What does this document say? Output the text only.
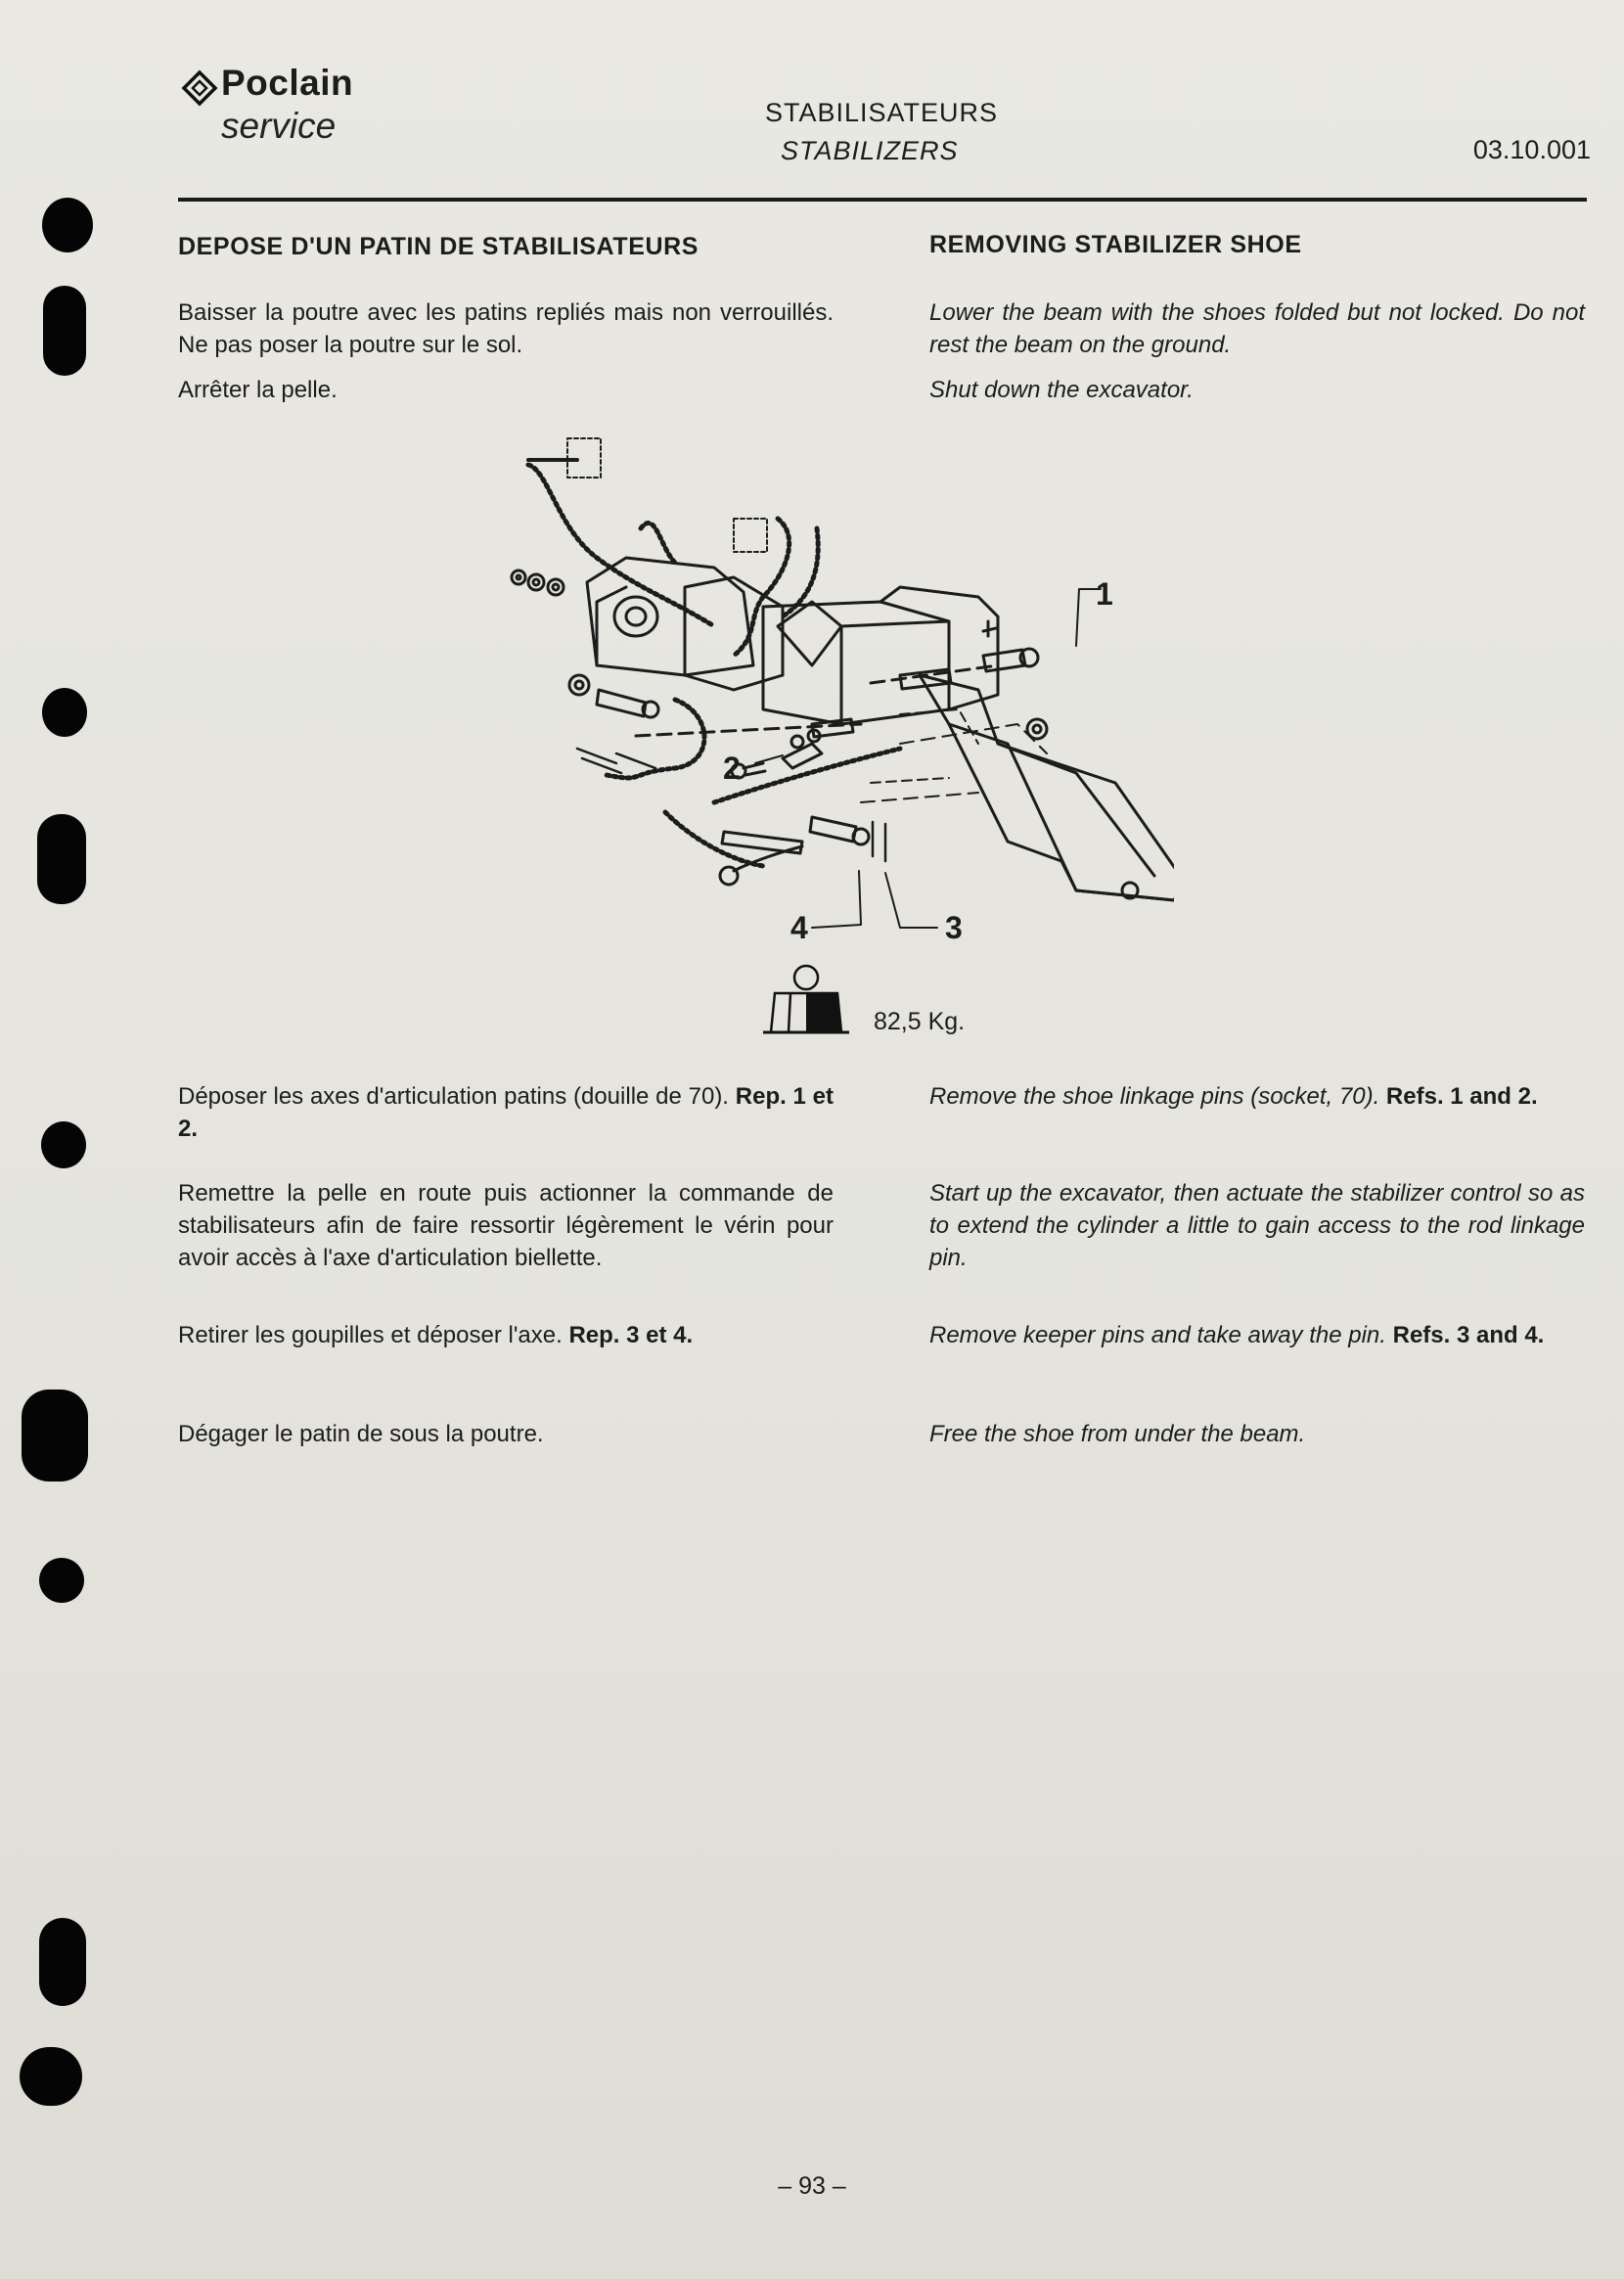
Poclain
service	STABILISATEURS
STABILIZERS	03.10.001
DEPOSE D'UN PATIN DE STABILISATEURS	REMOVING STABILIZER SHOE

Baisser la poutre avec les patins repliés mais non verrouillés. Ne pas poser la poutre sur le sol.

Arrêter la pelle.

Lower the beam with the shoes folded but not locked. Do not rest the beam on the ground.

Shut down the excavator.

1
2
3
4
82,5 Kg.
Déposer les axes d'articulation patins (douille de 70). Rep. 1 et 2.
Remove the shoe linkage pins (socket, 70). Refs. 1 and 2.
Remettre la pelle en route puis actionner la commande de stabilisateurs afin de faire ressortir légèrement le vérin pour avoir accès à l'axe d'articulation biellette.
Start up the excavator, then actuate the stabilizer control so as to extend the cylinder a little to gain access to the rod linkage pin.
Retirer les goupilles et déposer l'axe. Rep. 3 et 4.	Remove keeper pins and take away the pin. Refs. 3 and 4.
Dégager le patin de sous la poutre.	Free the shoe from under the beam.
– 93 –
